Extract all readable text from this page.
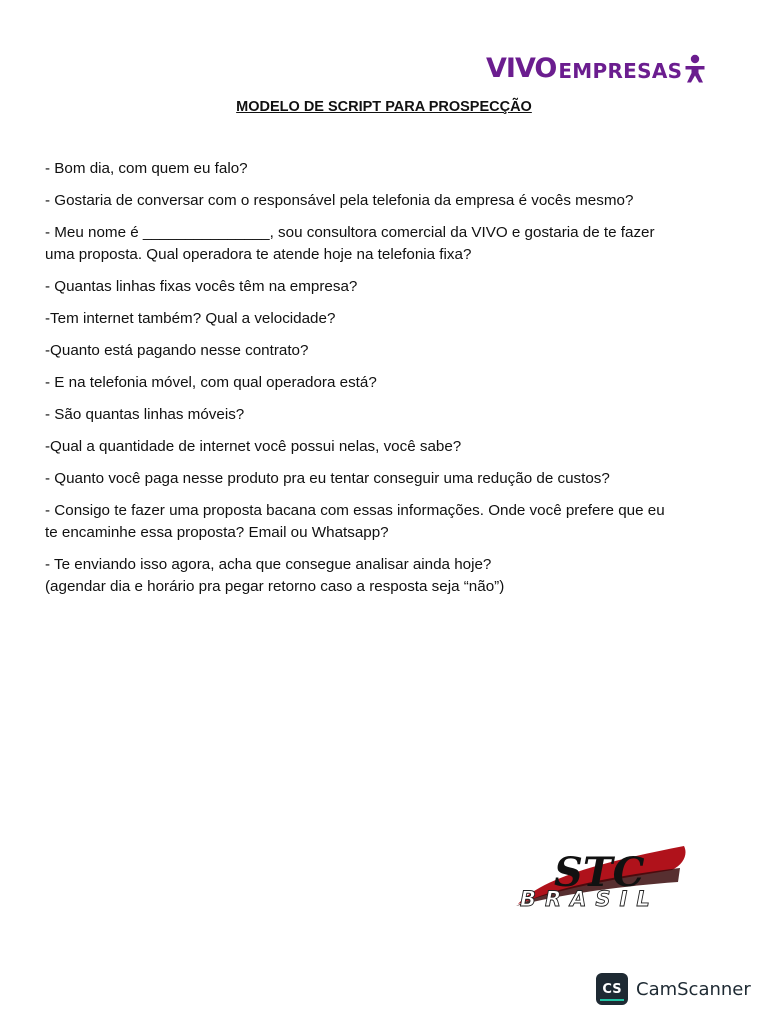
VIVO EMPRESAS
MODELO DE SCRIPT PARA PROSPECÇÃO

- Bom dia, com quem eu falo?

- Gostaria de conversar com o responsável pela telefonia da empresa é vocês mesmo?

- Meu nome é _______________, sou consultora comercial da VIVO e gostaria de te fazer

uma proposta. Qual operadora te atende hoje na telefonia fixa?

- Quantas linhas fixas vocês têm na empresa?

-Tem internet também? Qual a velocidade?

-Quanto está pagando nesse contrato?

- E na telefonia móvel, com qual operadora está?

- São quantas linhas móveis?

-Qual a quantidade de internet você possui nelas, você sabe?

- Quanto você paga nesse produto pra eu tentar conseguir uma redução de custos?

- Consigo te fazer uma proposta bacana com essas informações. Onde você prefere que eu

te encaminhe essa proposta? Email ou Whatsapp?

- Te enviando isso agora, acha que consegue analisar ainda hoje?

(agendar dia e horário pra pegar retorno caso a resposta seja “não”)

STC
BRASIL
CS CamScanner
